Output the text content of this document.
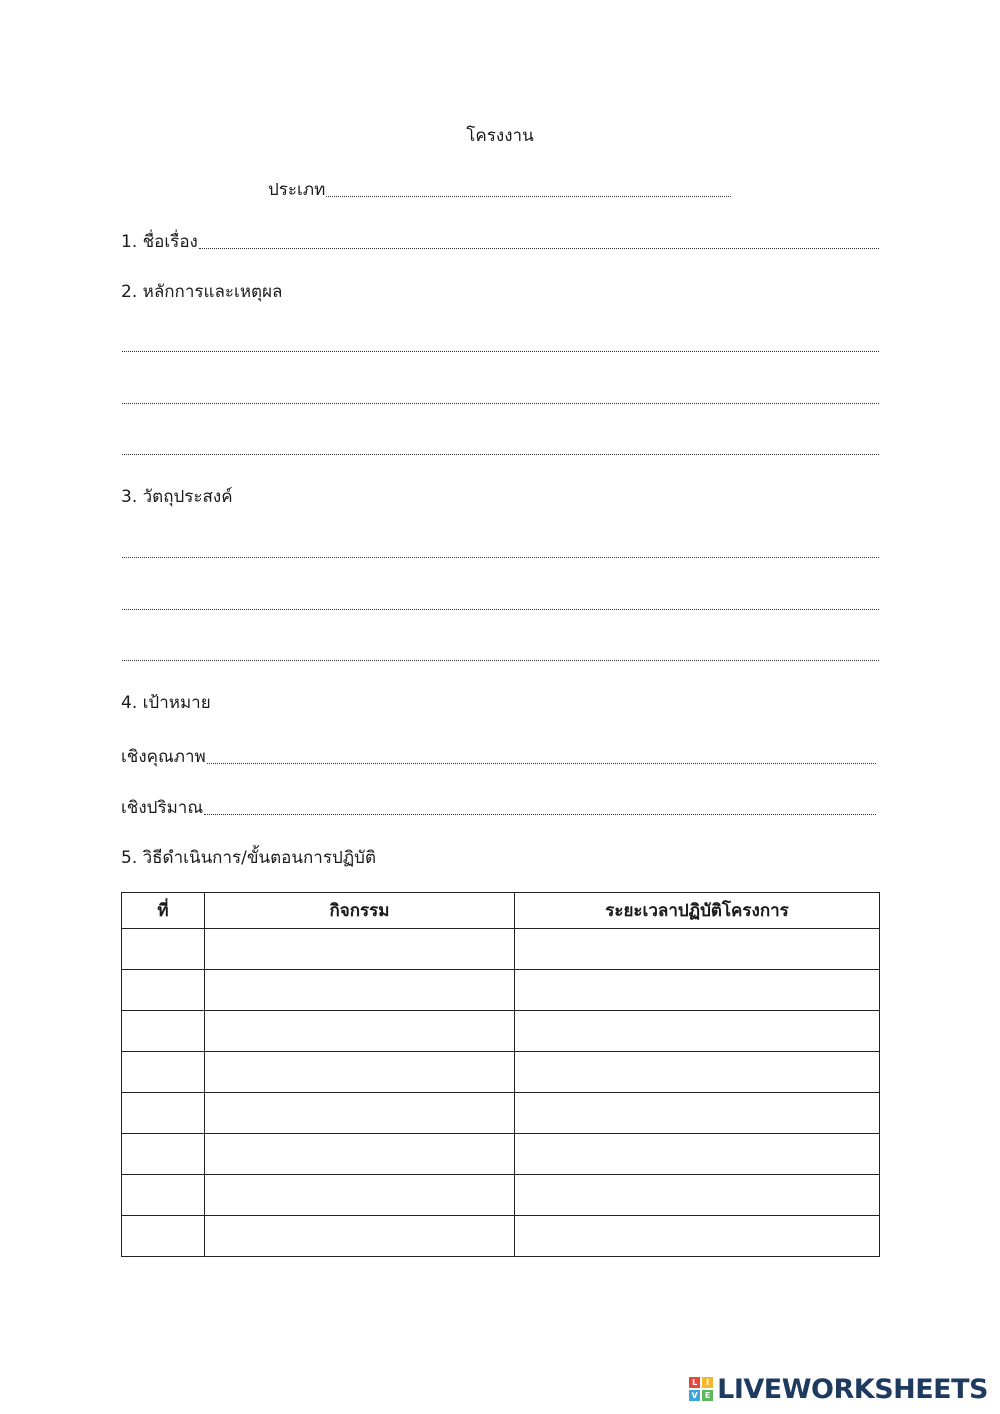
โครงงาน
ประเภท
1. ชื่อเรื่อง
2. หลักการและเหตุผล
3. วัตถุประสงค์
4. เป้าหมาย
เชิงคุณภาพ
เชิงปริมาณ
5. วิธีดำเนินการ/ขั้นตอนการปฏิบัติ
ที่	กิจกรรม	ระยะเวลาปฏิบัติโครงการ

L	I
V E LIVEWORKSHEETS
